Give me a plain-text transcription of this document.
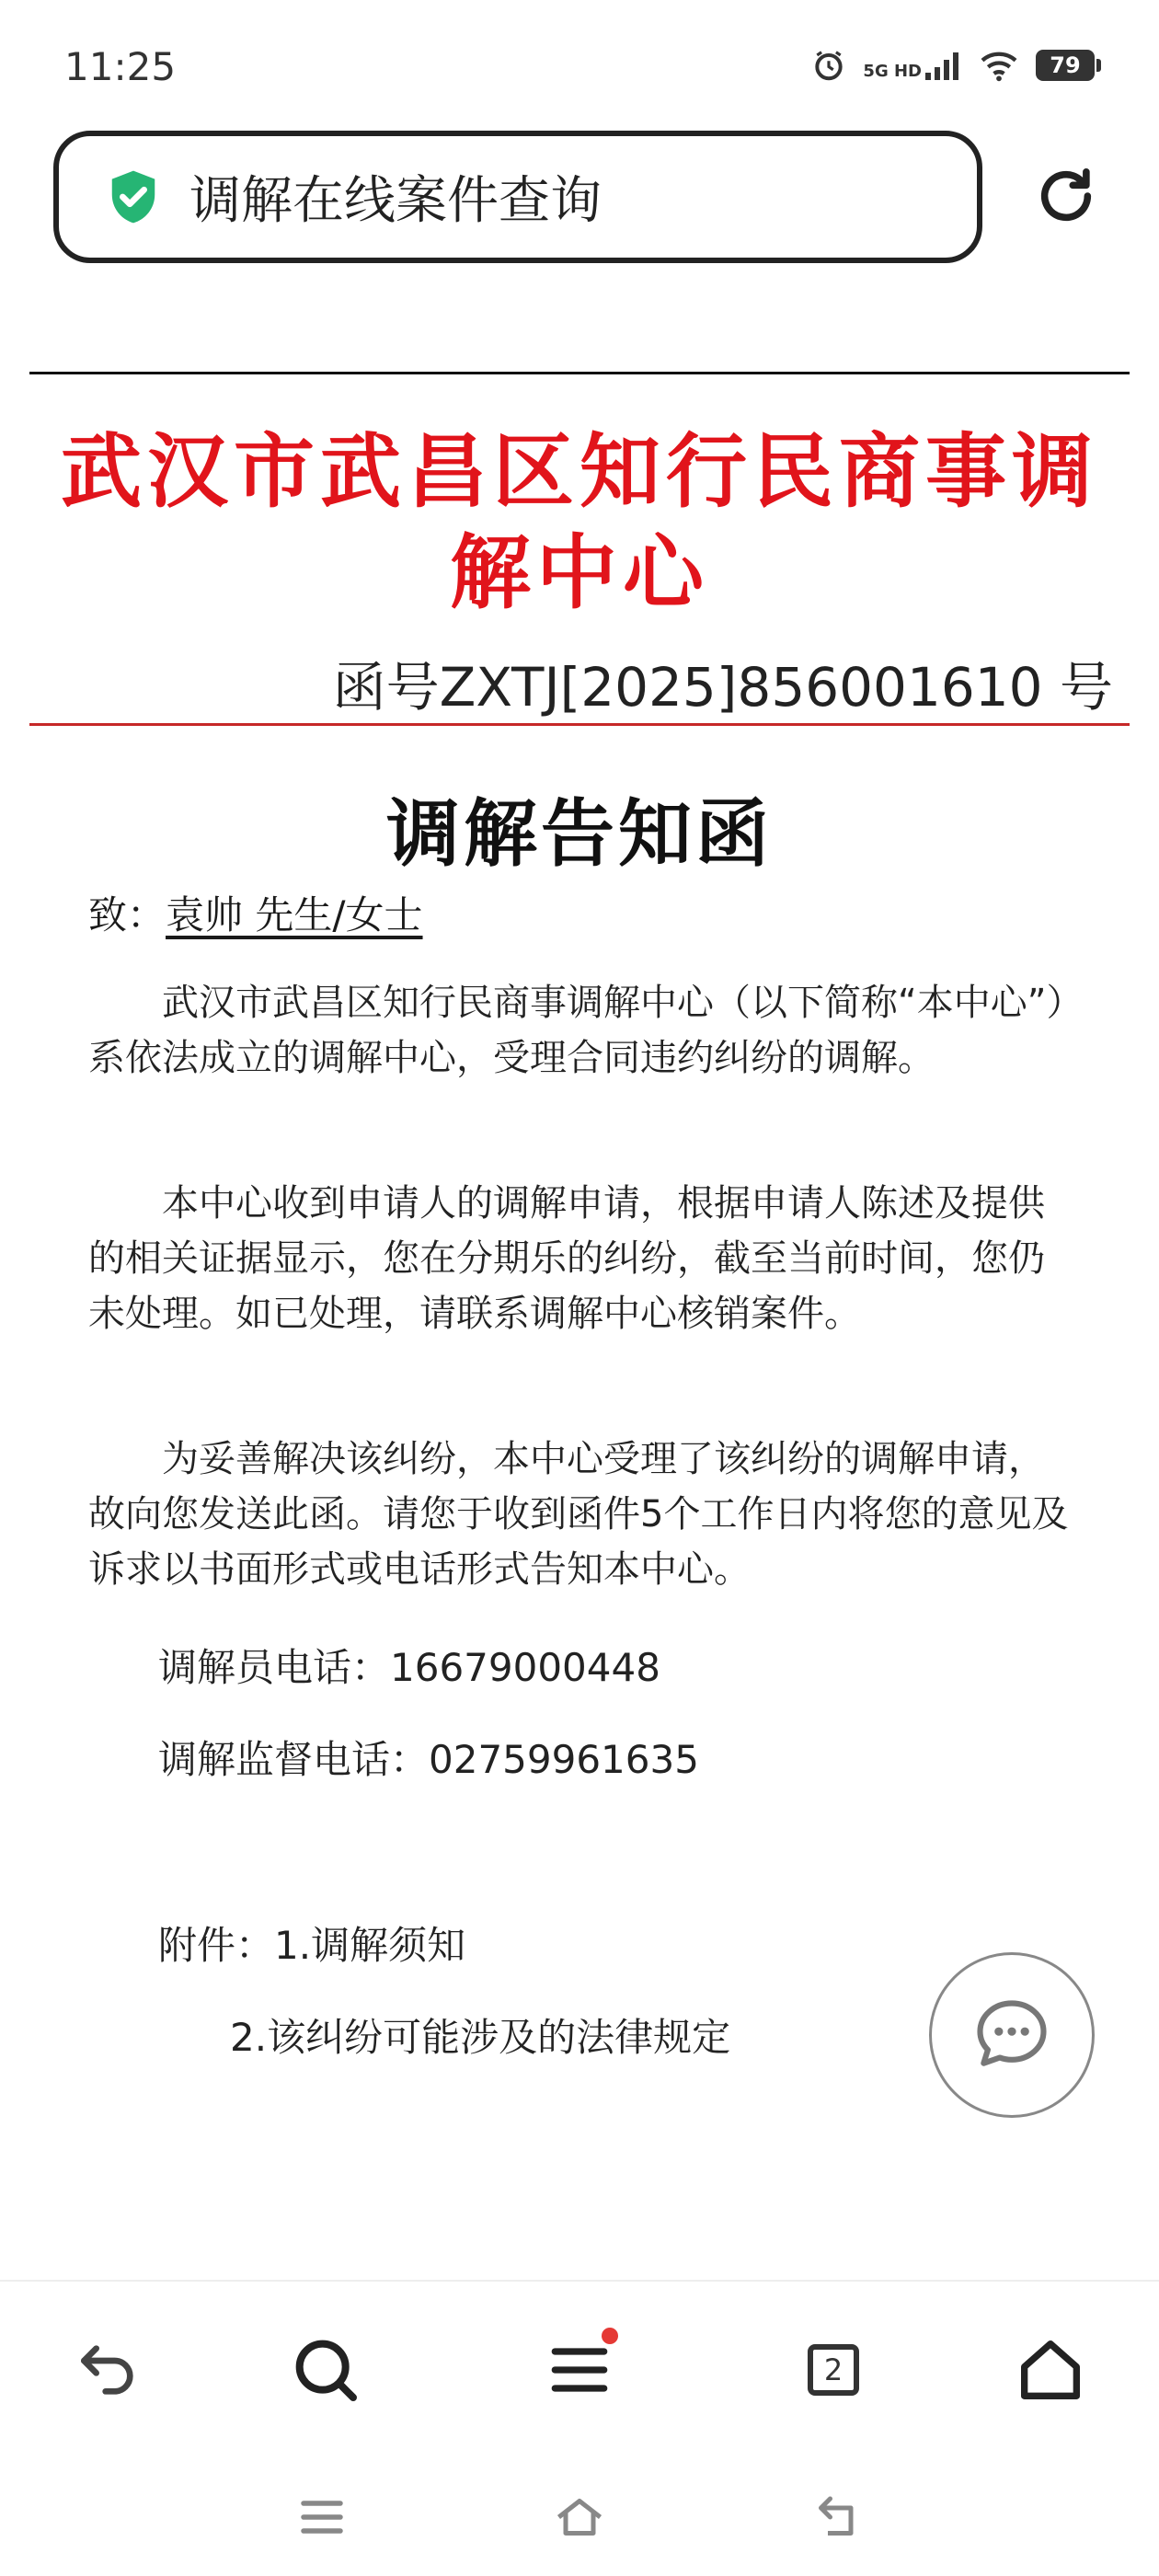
11:25	5G HD	79
调解在线案件查询
武汉市武昌区知行民商事调解中心
函号ZXTJ[2025]856001610 号
调解告知函
致：袁帅 先生/女士

武汉市武昌区知行民商事调解中心（以下简称“本中心”）系依法成立的调解中心，受理合同违约纠纷的调解。

本中心收到申请人的调解申请，根据申请人陈述及提供的相关证据显示，您在分期乐的纠纷，截至当前时间，您仍未处理。如已处理，请联系调解中心核销案件。

为妥善解决该纠纷，本中心受理了该纠纷的调解申请，故向您发送此函。请您于收到函件5个工作日内将您的意见及诉求以书面形式或电话形式告知本中心。

调解员电话：16679000448
调解监督电话：02759961635
附件：1.调解须知
2.该纠纷可能涉及的法律规定
2
